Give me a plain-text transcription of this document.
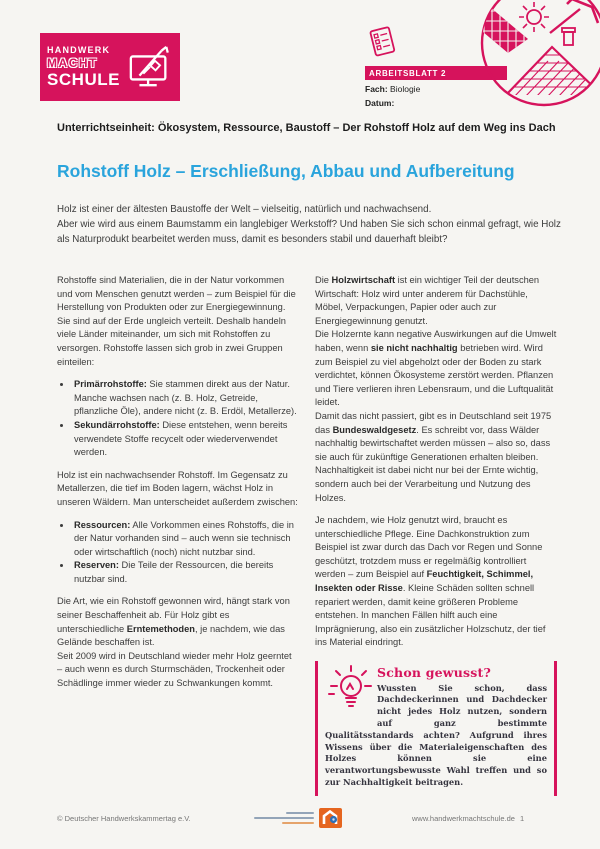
HANDWERK
MACHT
SCHULE	ARBEITSBLATT 2
Fach: Biologie
Datum:
Unterrichtseinheit: Ökosystem, Ressource, Baustoff – Der Rohstoff Holz auf dem Weg ins Dach
Rohstoff Holz – Erschließung, Abbau und Aufbereitung

Holz ist einer der ältesten Baustoffe der Welt – vielseitig, natürlich und nachwachsend.

Aber wie wird aus einem Baumstamm ein langlebiger Werkstoff? Und haben Sie sich schon einmal gefragt, wie Holz als Naturprodukt bearbeitet werden muss, damit es besonders stabil und dauerhaft bleibt?

Rohstoffe sind Materialien, die in der Natur vorkommen und vom Menschen genutzt werden – zum Beispiel für die Herstellung von Produkten oder zur Energiegewinnung. Sie sind auf der Erde ungleich verteilt. Deshalb handeln viele Länder miteinander, um sich mit Rohstoffen zu versorgen. Rohstoffe lassen sich grob in zwei Gruppen einteilen:

• Primärrohstoffe: Sie stammen direkt aus der Natur. Manche wachsen nach (z. B. Holz, Getreide, pflanzliche Öle), andere nicht (z. B. Erdöl, Metallerze).
• Sekundärrohstoffe: Diese entstehen, wenn bereits verwendete Stoffe recycelt oder wiederverwendet werden.

Holz ist ein nachwachsender Rohstoff. Im Gegensatz zu Metallerzen, die tief im Boden lagern, wächst Holz in unseren Wäldern. Man unterscheidet außerdem zwischen:

• Ressourcen: Alle Vorkommen eines Rohstoffs, die in der Natur vorhanden sind – auch wenn sie technisch oder wirtschaftlich (noch) nicht nutzbar sind.
• Reserven: Die Teile der Ressourcen, die bereits nutzbar sind.

Die Art, wie ein Rohstoff gewonnen wird, hängt stark von seiner Beschaffenheit ab. Für Holz gibt es unterschiedliche Erntemethoden, je nachdem, wie das Gelände beschaffen ist.

Seit 2009 wird in Deutschland wieder mehr Holz geerntet – auch wenn es durch Sturmschäden, Trockenheit oder Schädlinge immer wieder zu Schwankungen kommt.

Die Holzwirtschaft ist ein wichtiger Teil der deutschen Wirtschaft: Holz wird unter anderem für Dachstühle, Möbel, Verpackungen, Papier oder auch zur Energiegewinnung genutzt.

Die Holzernte kann negative Auswirkungen auf die Umwelt haben, wenn sie nicht nachhaltig betrieben wird. Wird zum Beispiel zu viel abgeholzt oder der Boden zu stark verdichtet, können Ökosysteme zerstört werden. Pflanzen und Tiere verlieren ihren Lebensraum, und die Luftqualität leidet.

Damit das nicht passiert, gibt es in Deutschland seit 1975 das Bundeswaldgesetz. Es schreibt vor, dass Wälder nachhaltig bewirtschaftet werden müssen – also so, dass sie auch für zukünftige Generationen erhalten bleiben. Nachhaltigkeit ist dabei nicht nur bei der Ernte wichtig, sondern auch bei der Verarbeitung und Nutzung des Holzes.

Je nachdem, wie Holz genutzt wird, braucht es unterschiedliche Pflege. Eine Dachkonstruktion zum Beispiel ist zwar durch das Dach vor Regen und Sonne geschützt, trotzdem muss er regelmäßig kontrolliert werden – zum Beispiel auf Feuchtigkeit, Schimmel, Insekten oder Risse. Kleine Schäden sollten schnell repariert werden, damit keine größeren Probleme entstehen. In manchen Fällen hilft auch eine Imprägnierung, also ein zusätzlicher Holzschutz, der tief ins Material eindringt.

Schon gewusst?

Wussten Sie schon, dass Dachdeckerinnen und Dachdecker nicht jedes Holz nutzen, sondern auf ganz bestimmte Qualitätsstandards achten? Aufgrund ihres Wissens über die Materialeigenschaften des Holzes können sie eine verantwortungsbewusste Wahl treffen und so zur Nachhaltigkeit beitragen.

© Deutscher Handwerkskammertag e.V.	www.handwerkmachtschule.de 1
